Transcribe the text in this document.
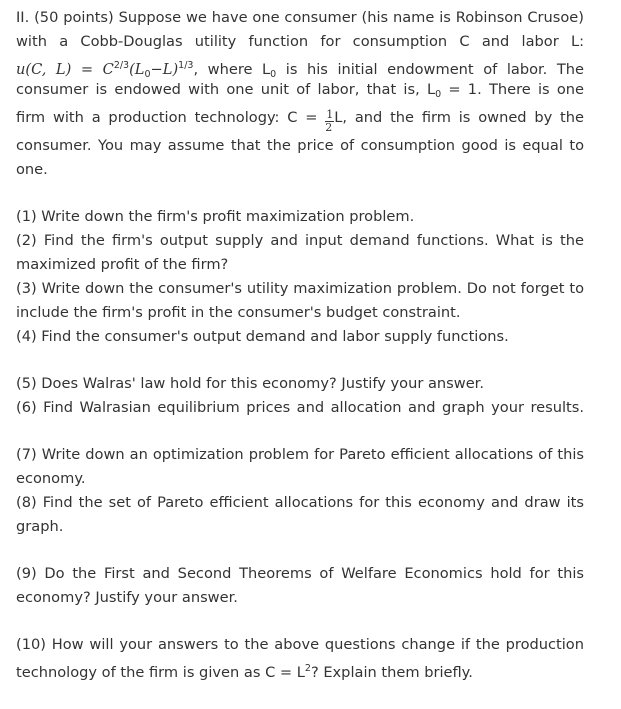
II. (50 points) Suppose we have one consumer (his name is Robinson Crusoe)
with a Cobb-Douglas utility function for consumption C and labor L:
u(C, $L) = C^{2/3}(L_0-L)^{1/3}$, where $L_0$ is his initial endowment of labor. The
consumer is endowed with one unit of labor, that is, $L_0 = 1$. There is one
firm with a production technology: $C = \frac{1}{2} L$, and the firm is owned by the
consumer. You may assume that the price of consumption good is equal to
one.
(1) Write down the firm's profit maximization problem.
(2) Find the firm's output supply and input demand functions. What is the
maximized profit of the firm?
(3) Write down the consumer's utility maximization problem. Do not forget to
include the firm's profit in the consumer's budget constraint.
(4) Find the consumer's output demand and labor supply functions.
(5) Does Walras' law hold for this economy? Justify your answer.
(6) Find Walrasian equilibrium prices and allocation and graph your results.
(7) Write down an optimization problem for Pareto efficient allocations of this
economy.
(8) Find the set of Pareto efficient allocations for this economy and draw its
graph.
(9) Do the First and Second Theorems of Welfare Economics hold for this
economy? Justify your answer.
(10) How will your answers to the above questions change if the production
technology of the firm is given as $C = L^2$? Explain them briefly.
